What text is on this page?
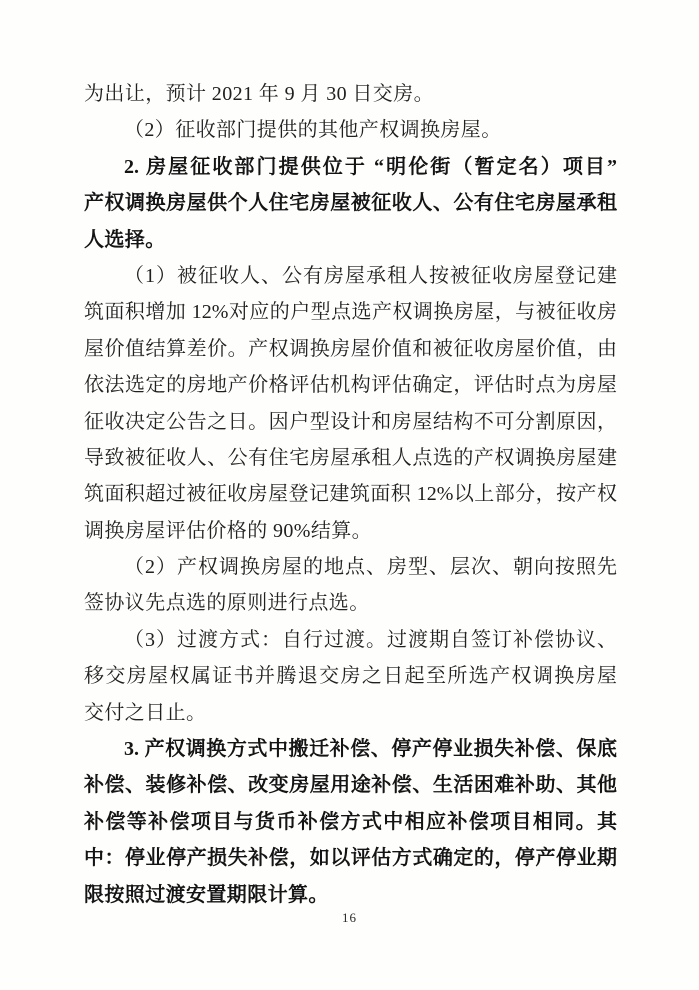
为出让，预计 2021 年 9 月 30 日交房。
（2）征收部门提供的其他产权调换房屋。
2. 房屋征收部门提供位于 “明伦街（暂定名）项目”
产权调换房屋供个人住宅房屋被征收人、公有住宅房屋承租
人选择。
（1）被征收人、公有房屋承租人按被征收房屋登记建
筑面积增加 12%对应的户型点选产权调换房屋，与被征收房
屋价值结算差价。产权调换房屋价值和被征收房屋价值，由
依法选定的房地产价格评估机构评估确定，评估时点为房屋
征收决定公告之日。因户型设计和房屋结构不可分割原因，
导致被征收人、公有住宅房屋承租人点选的产权调换房屋建
筑面积超过被征收房屋登记建筑面积 12%以上部分，按产权
调换房屋评估价格的 90%结算。
（2）产权调换房屋的地点、房型、层次、朝向按照先
签协议先点选的原则进行点选。
（3）过渡方式：自行过渡。过渡期自签订补偿协议、
移交房屋权属证书并腾退交房之日起至所选产权调换房屋
交付之日止。
3. 产权调换方式中搬迁补偿、停产停业损失补偿、保底
补偿、装修补偿、改变房屋用途补偿、生活困难补助、其他
补偿等补偿项目与货币补偿方式中相应补偿项目相同。其
中：停业停产损失补偿，如以评估方式确定的，停产停业期
限按照过渡安置期限计算。
16
